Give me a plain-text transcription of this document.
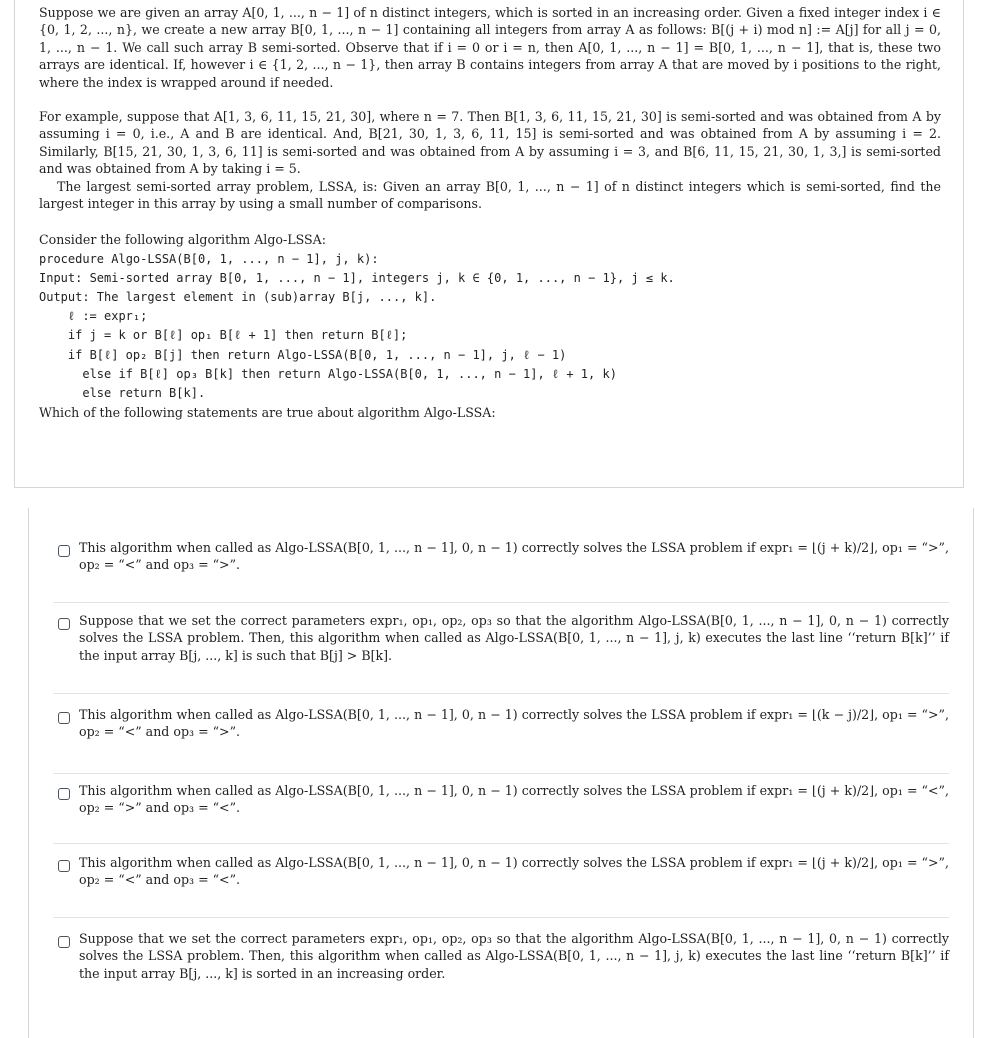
Suppose we are given an array A[0, 1, ..., n − 1] of n distinct integers, which is sorted in an increasing order. Given a fixed integer index i ∈ {0, 1, 2, ..., n}, we create a new array B[0, 1, ..., n − 1] containing all integers from array A as follows: B[(j + i) mod n] := A[j] for all j = 0, 1, ..., n − 1. We call such array B semi-sorted. Observe that if i = 0 or i = n, then A[0, 1, ..., n − 1] = B[0, 1, ..., n − 1], that is, these two arrays are identical. If, however i ∈ {1, 2, ..., n − 1}, then array B contains integers from array A that are moved by i positions to the right, where the index is wrapped around if needed.

For example, suppose that A[1, 3, 6, 11, 15, 21, 30], where n = 7. Then B[1, 3, 6, 11, 15, 21, 30] is semi-sorted and was obtained from A by assuming i = 0, i.e., A and B are identical. And, B[21, 30, 1, 3, 6, 11, 15] is semi-sorted and was obtained from A by assuming i = 2. Similarly, B[15, 21, 30, 1, 3, 6, 11] is semi-sorted and was obtained from A by assuming i = 3, and B[6, 11, 15, 21, 30, 1, 3,] is semi-sorted and was obtained from A by taking i = 5.

The largest semi-sorted array problem, LSSA, is: Given an array B[0, 1, ..., n − 1] of n distinct integers which is semi-sorted, find the largest integer in this array by using a small number of comparisons.

Consider the following algorithm Algo-LSSA:
procedure Algo-LSSA(B[0, 1, ..., n − 1], j, k):
Input: Semi-sorted array B[0, 1, ..., n − 1], integers j, k ∈ {0, 1, ..., n − 1}, j ≤ k.
Output: The largest element in (sub)array B[j, ..., k].
ℓ := expr₁;
if j = k or B[ℓ] op₁ B[ℓ + 1] then return B[ℓ];
if B[ℓ] op₂ B[j] then return Algo-LSSA(B[0, 1, ..., n − 1], j, ℓ − 1)
else if B[ℓ] op₃ B[k] then return Algo-LSSA(B[0, 1, ..., n − 1], ℓ + 1, k)
else return B[k].
Which of the following statements are true about algorithm Algo-LSSA:
This algorithm when called as Algo-LSSA(B[0, 1, ..., n − 1], 0, n − 1) correctly solves the LSSA problem if expr₁ = ⌊(j + k)/2⌋, op₁ = “>”, op₂ = “<” and op₃ = “>”.
Suppose that we set the correct parameters expr₁, op₁, op₂, op₃ so that the algorithm Algo-LSSA(B[0, 1, ..., n − 1], 0, n − 1) correctly solves the LSSA problem. Then, this algorithm when called as Algo-LSSA(B[0, 1, ..., n − 1], j, k) executes the last line ‘‘return B[k]’’ if the input array B[j, ..., k] is such that B[j] > B[k].
This algorithm when called as Algo-LSSA(B[0, 1, ..., n − 1], 0, n − 1) correctly solves the LSSA problem if expr₁ = ⌊(k − j)/2⌋, op₁ = “>”, op₂ = “<” and op₃ = “>”.
This algorithm when called as Algo-LSSA(B[0, 1, ..., n − 1], 0, n − 1) correctly solves the LSSA problem if expr₁ = ⌊(j + k)/2⌋, op₁ = “<”, op₂ = “>” and op₃ = “<”.
This algorithm when called as Algo-LSSA(B[0, 1, ..., n − 1], 0, n − 1) correctly solves the LSSA problem if expr₁ = ⌊(j + k)/2⌋, op₁ = “>”, op₂ = “<” and op₃ = “<”.
Suppose that we set the correct parameters expr₁, op₁, op₂, op₃ so that the algorithm Algo-LSSA(B[0, 1, ..., n − 1], 0, n − 1) correctly solves the LSSA problem. Then, this algorithm when called as Algo-LSSA(B[0, 1, ..., n − 1], j, k) executes the last line ‘‘return B[k]’’ if the input array B[j, ..., k] is sorted in an increasing order.
